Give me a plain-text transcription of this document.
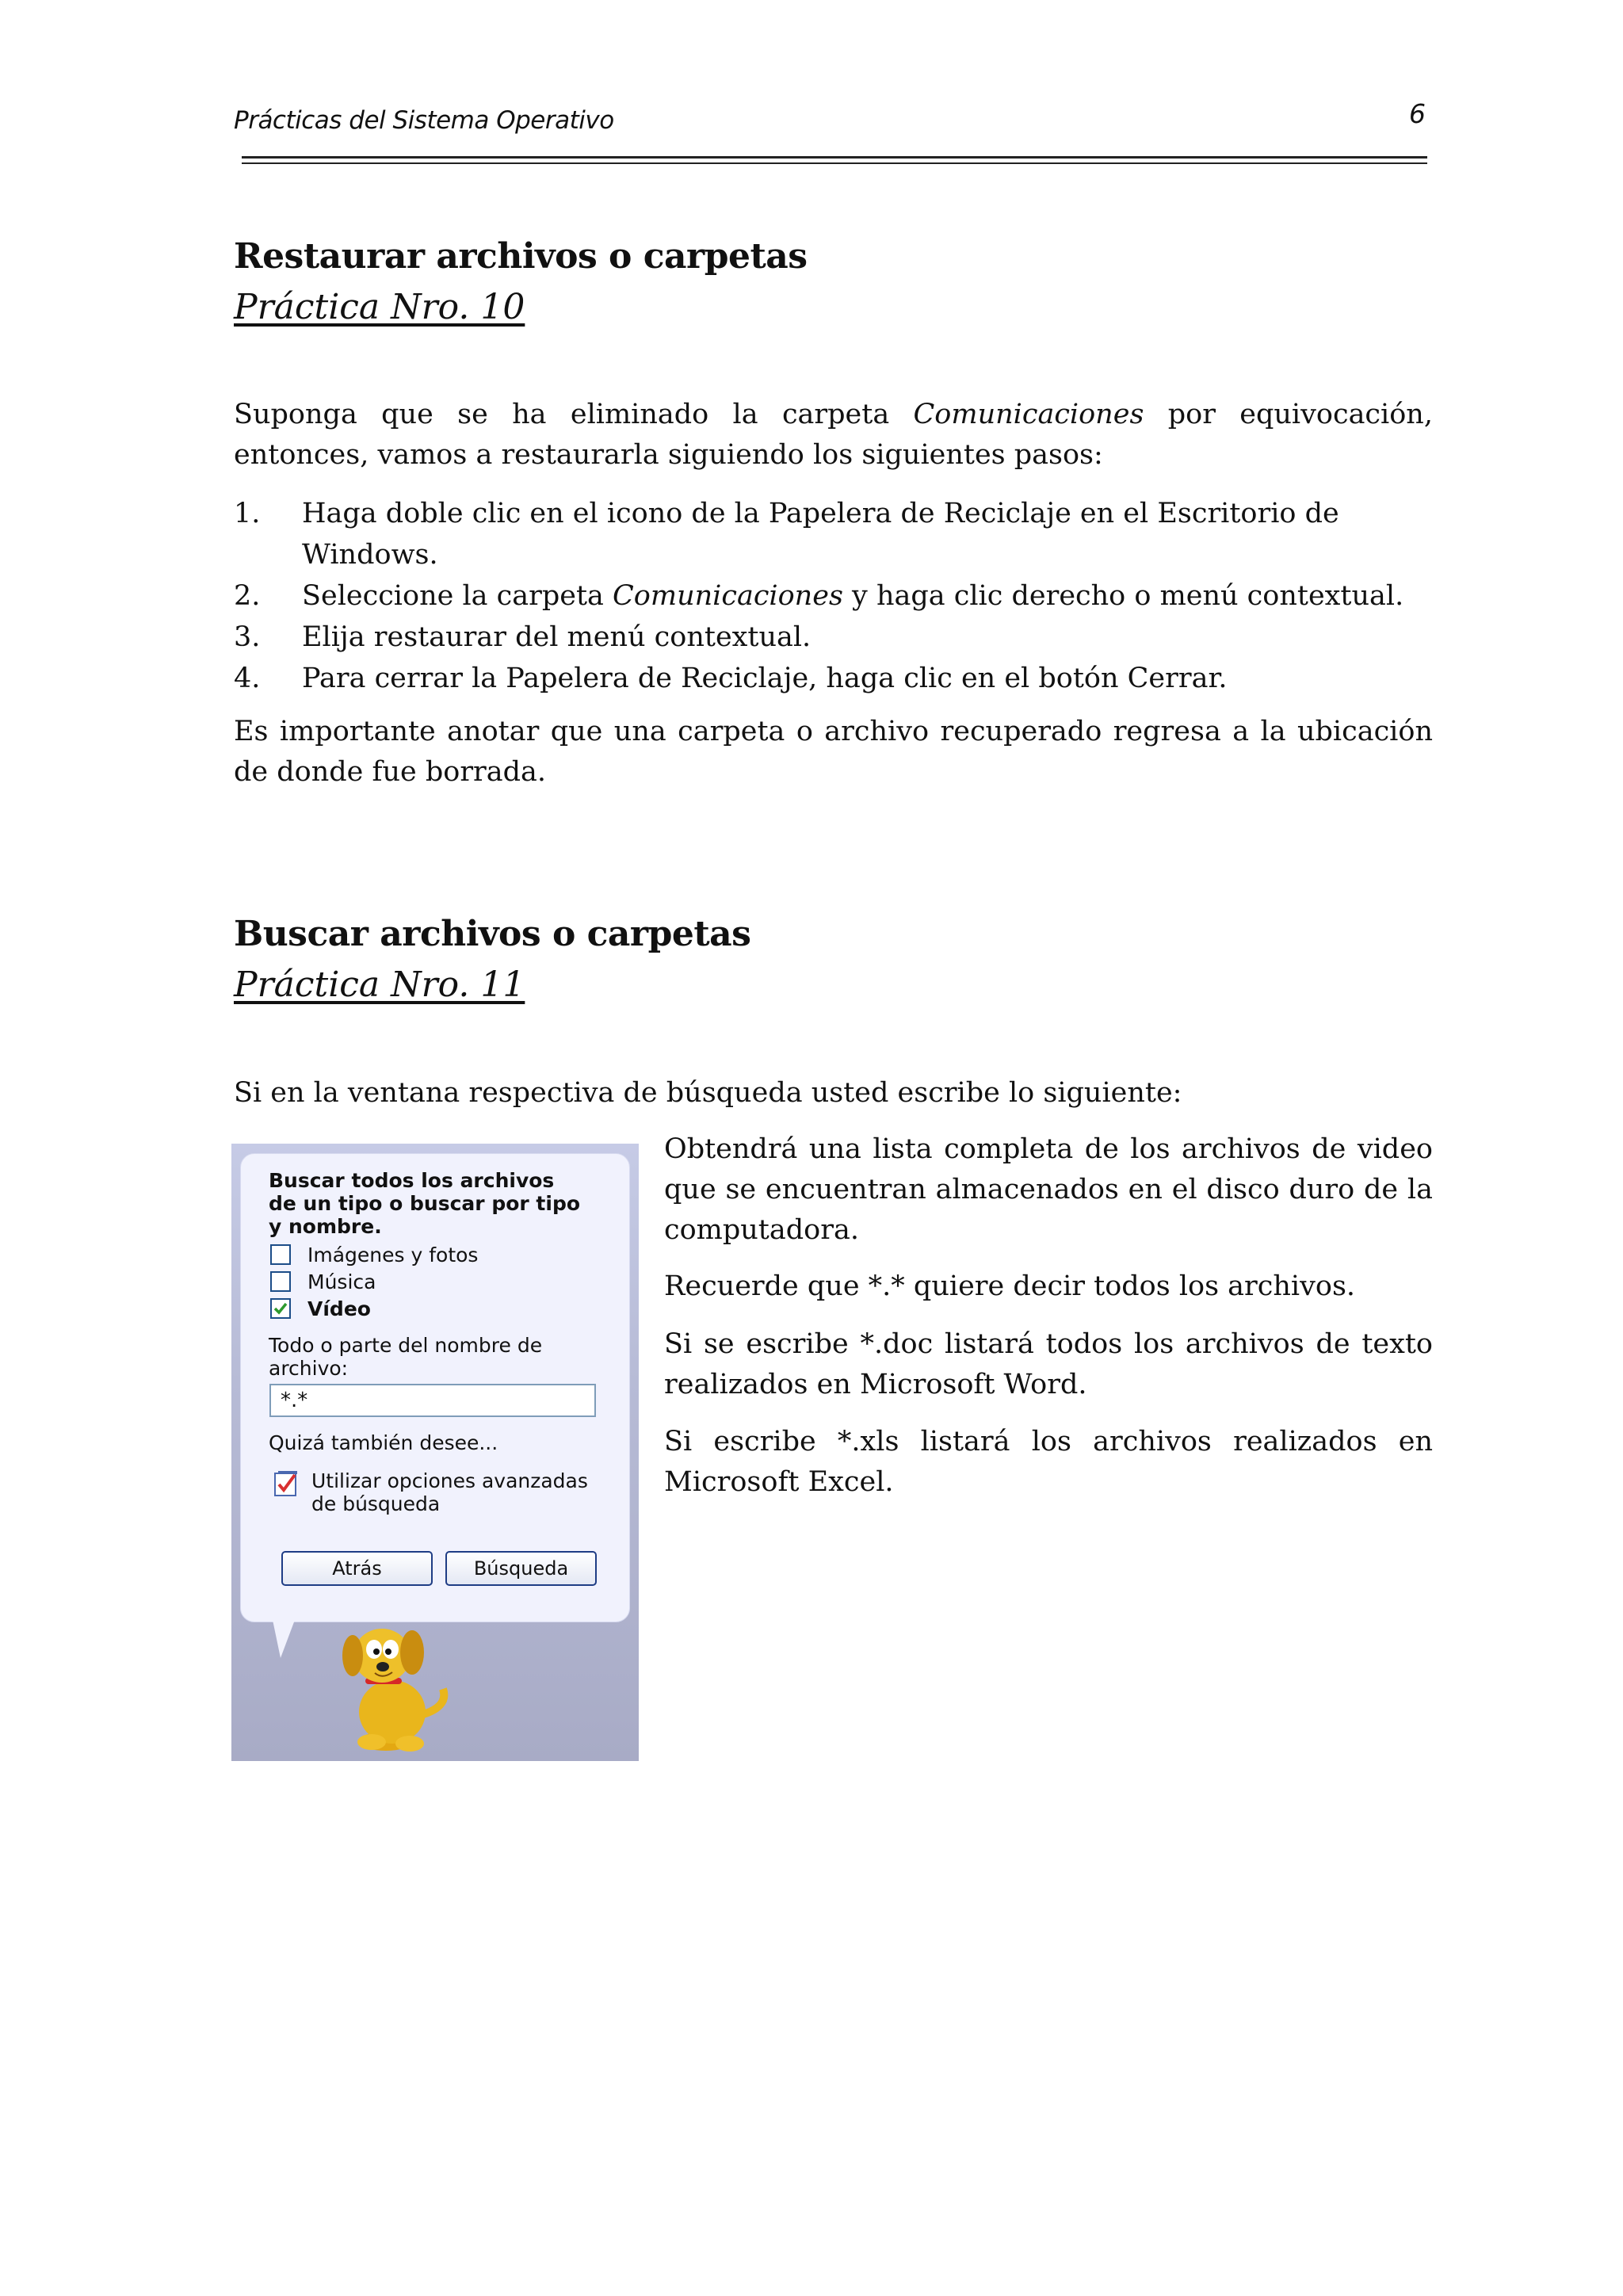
Prácticas del Sistema Operativo	6
Restaurar archivos o carpetas
Práctica Nro. 10
Suponga que se ha eliminado la carpeta Comunicaciones por equivocación, entonces, vamos a restaurarla siguiendo los siguientes pasos:
1. Haga doble clic en el icono de la Papelera de Reciclaje en el Escritorio de Windows.
2. Seleccione la carpeta Comunicaciones y haga clic derecho o menú contextual.
3. Elija restaurar del menú contextual.
4. Para cerrar la Papelera de Reciclaje, haga clic en el botón Cerrar.
Es importante anotar que una carpeta o archivo recuperado regresa a la ubicación de donde fue borrada.
Buscar archivos o carpetas
Práctica Nro. 11
Si en la ventana respectiva de búsqueda usted escribe lo siguiente:
Obtendrá una lista completa de los archivos de video que se encuentran almacenados en el disco duro de la computadora.
Recuerde que *.* quiere decir todos los archivos.
Si se escribe *.doc listará todos los archivos de texto realizados en Microsoft Word.
Si escribe *.xls listará los archivos realizados en Microsoft Excel.
Buscar todos los archivos
de un tipo o buscar por tipo
y nombre.
Imágenes y fotos
Música
Vídeo
Todo o parte del nombre de
archivo:
*.*
Quizá también desee...
Utilizar opciones avanzadas
de búsqueda
Atrás	Búsqueda
